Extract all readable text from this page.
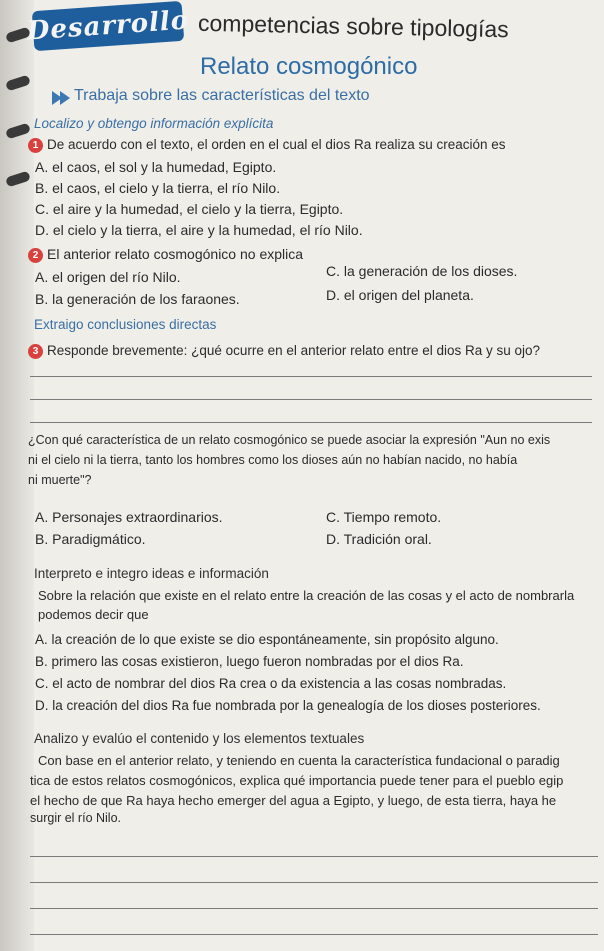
Desarrollo competencias sobre tipologías
Relato cosmogónico
Trabaja sobre las características del texto
Localizo y obtengo información explícita
1 De acuerdo con el texto, el orden en el cual el dios Ra realiza su creación es
A. el caos, el sol y la humedad, Egipto.
B. el caos, el cielo y la tierra, el río Nilo.
C. el aire y la humedad, el cielo y la tierra, Egipto.
D. el cielo y la tierra, el aire y la humedad, el río Nilo.
2 El anterior relato cosmogónico no explica
A. el origen del río Nilo.	C. la generación de los dioses.
B. la generación de los faraones.	D. el origen del planeta.
Extraigo conclusiones directas
3 Responde brevemente: ¿qué ocurre en el anterior relato entre el dios Ra y su ojo?
¿Con qué característica de un relato cosmogónico se puede asociar la expresión "Aun no exis
ni el cielo ni la tierra, tanto los hombres como los dioses aún no habían nacido, no había
ni muerte"?
A. Personajes extraordinarios.	C. Tiempo remoto.
B. Paradigmático.	D. Tradición oral.
Interpreto e integro ideas e información
Sobre la relación que existe en el relato entre la creación de las cosas y el acto de nombrarla
podemos decir que
A. la creación de lo que existe se dio espontáneamente, sin propósito alguno.
B. primero las cosas existieron, luego fueron nombradas por el dios Ra.
C. el acto de nombrar del dios Ra crea o da existencia a las cosas nombradas.
D. la creación del dios Ra fue nombrada por la genealogía de los dioses posteriores.
Analizo y evalúo el contenido y los elementos textuales
Con base en el anterior relato, y teniendo en cuenta la característica fundacional o paradig
tica de estos relatos cosmogónicos, explica qué importancia puede tener para el pueblo egip
el hecho de que Ra haya hecho emerger del agua a Egipto, y luego, de esta tierra, haya he
surgir el río Nilo.
